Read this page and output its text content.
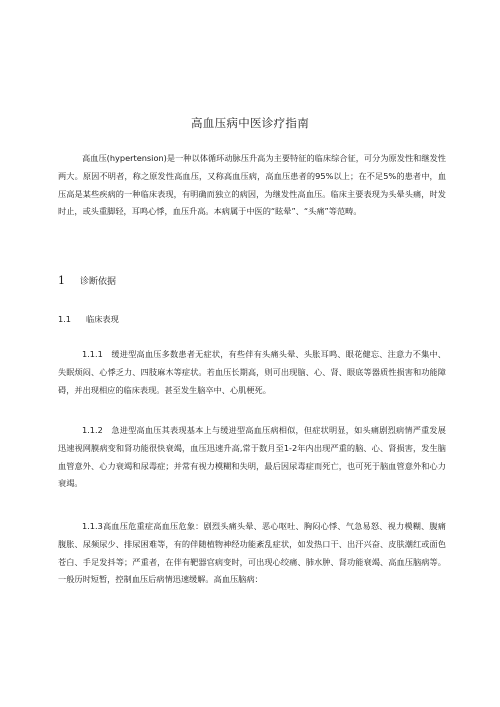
高血压病中医诊疗指南

高血压(hypertension)是一种以体循环动脉压升高为主要特征的临床综合征，可分为原发性和继发性两大。原因不明者，称之原发性高血压，又称高血压病，高血压患者的95%以上；在不足5%的患者中，血压高是某些疾病的一种临床表现，有明确而独立的病因，为继发性高血压。临床主要表现为头晕头痛，时发时止，或头重脚轻，耳鸣心悸，血压升高。本病属于中医的“眩晕”、“头痛”等范畴。

1 诊断依据
1.1 临床表现

1.1.1　缓进型高血压多数患者无症状，有些伴有头痛头晕、头胀耳鸣、眼花健忘、注意力不集中、失眠烦闷、心悸乏力、四肢麻木等症状。若血压长期高，则可出现脑、心、肾、眼底等器质性损害和功能障碍，并出现相应的临床表现。甚至发生脑卒中、心肌梗死。

1.1.2　急进型高血压其表现基本上与缓进型高血压病相似，但症状明显，如头痛剧烈病情严重发展迅速视网膜病变和肾功能很快衰竭，血压迅速升高,常于数月至1-2年内出现严重的脑、心、肾损害，发生脑血管意外、心力衰竭和尿毒症；并常有视力模糊和失明，最后因尿毒症而死亡，也可死于脑血管意外和心力衰竭。

1.1.3高血压危重症高血压危象：剧烈头痛头晕、恶心呕吐、胸闷心悸、气急易怒、视力模糊、腹痛腹胀、尿频尿少、排尿困难等，有的伴随植物神经功能紊乱症状，如发热口干、出汗兴奋、皮肤潮红或面色苍白、手足发抖等；严重者，在伴有靶器官病变时，可出现心绞痛、肺水肿、肾功能衰竭、高血压脑病等。一般历时短暂，控制血压后病情迅速缓解。高血压脑病：
